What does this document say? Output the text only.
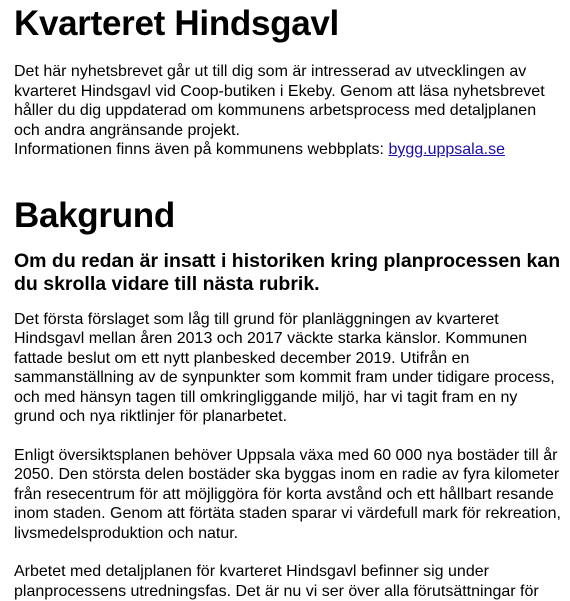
Kvarteret Hindsgavl

Det här nyhetsbrevet går ut till dig som är intresserad av utvecklingen av kvarteret Hindsgavl vid Coop-butiken i Ekeby. Genom att läsa nyhetsbrevet håller du dig uppdaterad om kommunens arbetsprocess med detaljplanen och andra angränsande projekt.
Informationen finns även på kommunens webbplats: bygg.uppsala.se

Bakgrund
Om du redan är insatt i historiken kring planprocessen kan du skrolla vidare till nästa rubrik.

Det första förslaget som låg till grund för planläggningen av kvarteret Hindsgavl mellan åren 2013 och 2017 väckte starka känslor. Kommunen fattade beslut om ett nytt planbesked december 2019. Utifrån en sammanställning av de synpunkter som kommit fram under tidigare process, och med hänsyn tagen till omkringliggande miljö, har vi tagit fram en ny grund och nya riktlinjer för planarbetet.

Enligt översiktsplanen behöver Uppsala växa med 60 000 nya bostäder till år 2050. Den största delen bostäder ska byggas inom en radie av fyra kilometer från resecentrum för att möjliggöra för korta avstånd och ett hållbart resande inom staden. Genom att förtäta staden sparar vi värdefull mark för rekreation, livsmedelsproduktion och natur.

Arbetet med detaljplanen för kvarteret Hindsgavl befinner sig under planprocessens utredningsfas. Det är nu vi ser över alla förutsättningar för
